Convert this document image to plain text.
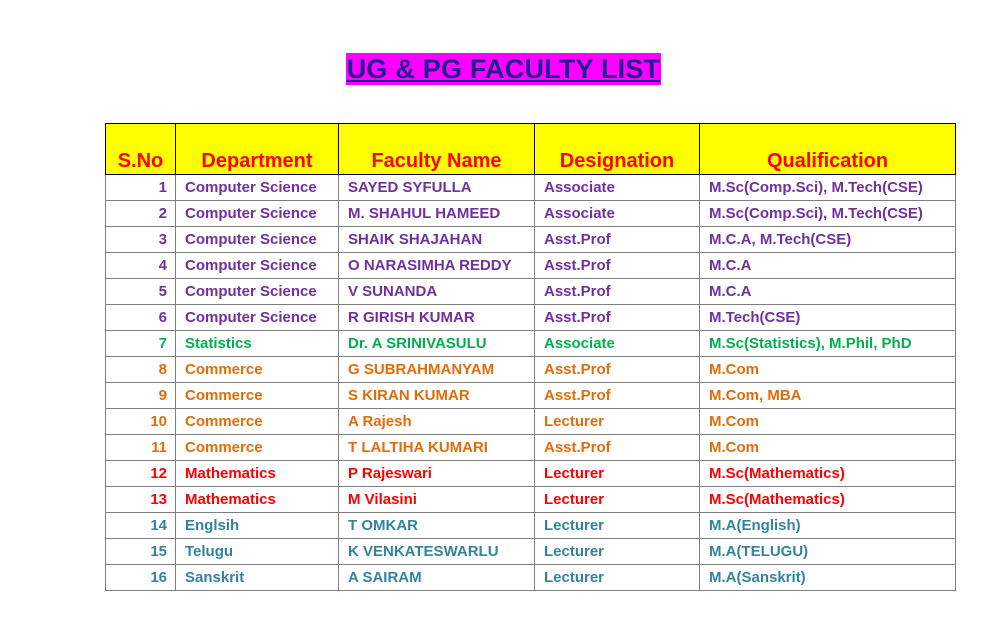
UG & PG FACULTY LIST
S.No	Department	Faculty Name	Designation	Qualification
1	Computer Science	SAYED SYFULLA	Associate	M.Sc(Comp.Sci), M.Tech(CSE)
2	Computer Science	M. SHAHUL HAMEED	Associate	M.Sc(Comp.Sci), M.Tech(CSE)
3	Computer Science	SHAIK SHAJAHAN	Asst.Prof	M.C.A, M.Tech(CSE)
4	Computer Science	O NARASIMHA REDDY	Asst.Prof	M.C.A
5	Computer Science	V SUNANDA	Asst.Prof	M.C.A
6	Computer Science	R GIRISH KUMAR	Asst.Prof	M.Tech(CSE)
7	Statistics	Dr. A SRINIVASULU	Associate	M.Sc(Statistics), M.Phil, PhD
8	Commerce	G SUBRAHMANYAM	Asst.Prof	M.Com
9	Commerce	S KIRAN KUMAR	Asst.Prof	M.Com, MBA
10	Commerce	A Rajesh	Lecturer	M.Com
11	Commerce	T LALTIHA KUMARI	Asst.Prof	M.Com
12	Mathematics	P Rajeswari	Lecturer	M.Sc(Mathematics)
13	Mathematics	M Vilasini	Lecturer	M.Sc(Mathematics)
14	Englsih	T OMKAR	Lecturer	M.A(English)
15	Telugu	K VENKATESWARLU	Lecturer	M.A(TELUGU)
16	Sanskrit	A SAIRAM	Lecturer	M.A(Sanskrit)
